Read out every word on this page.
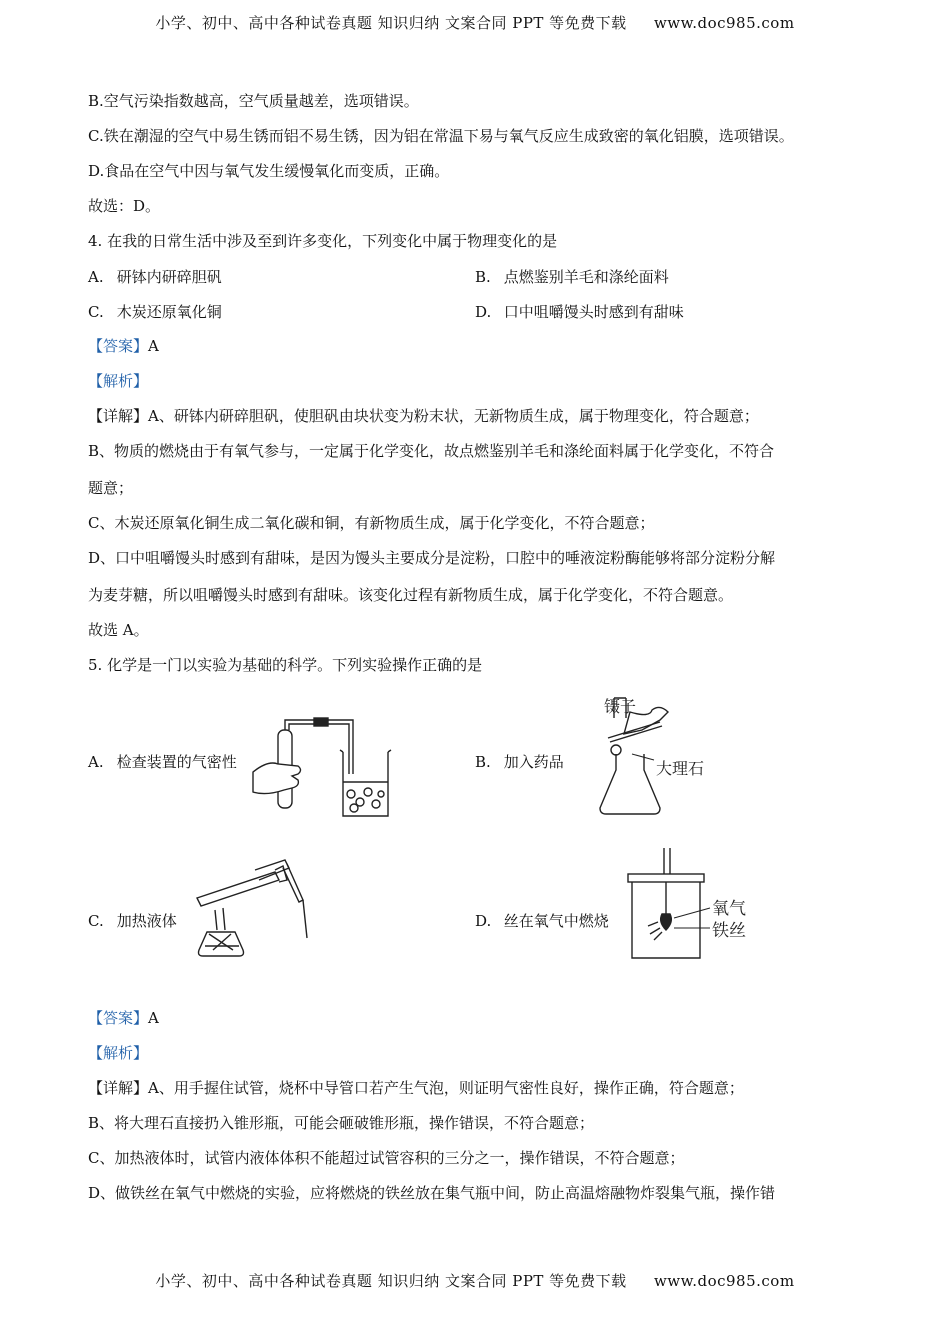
小学、初中、高中各种试卷真题 知识归纳 文案合同 PPT 等免费下载 www.doc985.com
B.空气污染指数越高，空气质量越差，选项错误。
C.铁在潮湿的空气中易生锈而铝不易生锈，因为铝在常温下易与氧气反应生成致密的氧化铝膜，选项错误。
D.食品在空气中因与氧气发生缓慢氧化而变质，正确。
故选：D。
4. 在我的日常生活中涉及至到许多变化，下列变化中属于物理变化的是
A. 研钵内研碎胆矾	B. 点燃鉴别羊毛和涤纶面料
C. 木炭还原氧化铜	D. 口中咀嚼馒头时感到有甜味
【答案】A
【解析】
【详解】A、研钵内研碎胆矾，使胆矾由块状变为粉末状，无新物质生成，属于物理变化，符合题意；
B、物质的燃烧由于有氧气参与，一定属于化学变化，故点燃鉴别羊毛和涤纶面料属于化学变化，不符合
题意；
C、木炭还原氧化铜生成二氧化碳和铜，有新物质生成，属于化学变化，不符合题意；
D、口中咀嚼馒头时感到有甜味，是因为馒头主要成分是淀粉，口腔中的唾液淀粉酶能够将部分淀粉分解
为麦芽糖，所以咀嚼馒头时感到有甜味。该变化过程有新物质生成，属于化学变化，不符合题意。
故选 A。
5. 化学是一门以实验为基础的科学。下列实验操作正确的是
A. 检查装置的气密性	B. 加入药品
C. 加热液体	D. 丝在氧气中燃烧
镊子
大理石
氧气
铁丝
【答案】A
【解析】
【详解】A、用手握住试管，烧杯中导管口若产生气泡，则证明气密性良好，操作正确，符合题意；
B、将大理石直接扔入锥形瓶，可能会砸破锥形瓶，操作错误，不符合题意；
C、加热液体时，试管内液体体积不能超过试管容积的三分之一，操作错误，不符合题意；
D、做铁丝在氧气中燃烧的实验，应将燃烧的铁丝放在集气瓶中间，防止高温熔融物炸裂集气瓶，操作错
小学、初中、高中各种试卷真题 知识归纳 文案合同 PPT 等免费下载 www.doc985.com
